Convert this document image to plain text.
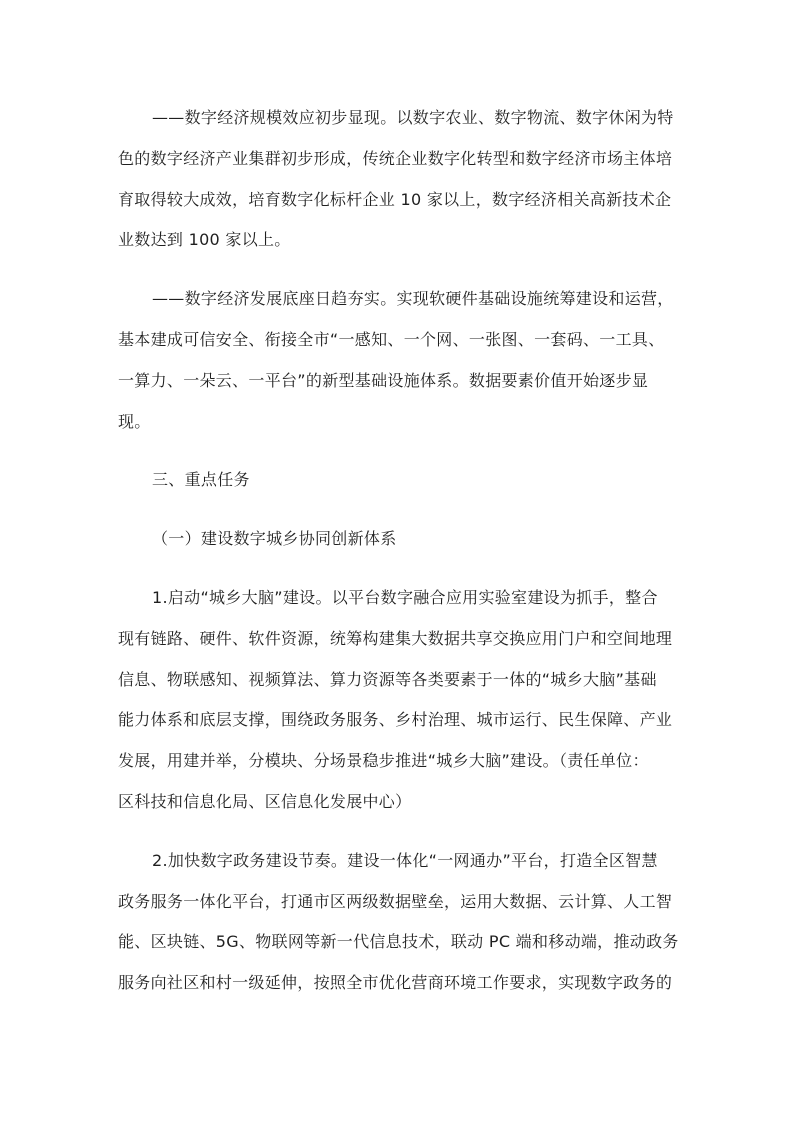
——数字经济规模效应初步显现。以数字农业、数字物流、数字休闲为特
色的数字经济产业集群初步形成，传统企业数字化转型和数字经济市场主体培
育取得较大成效，培育数字化标杆企业 10 家以上，数字经济相关高新技术企
业数达到 100 家以上。
——数字经济发展底座日趋夯实。实现软硬件基础设施统筹建设和运营，
基本建成可信安全、衔接全市“一感知、一个网、一张图、一套码、一工具、
一算力、一朵云、一平台”的新型基础设施体系。数据要素价值开始逐步显
现。
三、重点任务
（一）建设数字城乡协同创新体系
1.启动“城乡大脑”建设。以平台数字融合应用实验室建设为抓手，整合
现有链路、硬件、软件资源，统筹构建集大数据共享交换应用门户和空间地理
信息、物联感知、视频算法、算力资源等各类要素于一体的“城乡大脑”基础
能力体系和底层支撑，围绕政务服务、乡村治理、城市运行、民生保障、产业
发展，用建并举，分模块、分场景稳步推进“城乡大脑”建设。（责任单位：
区科技和信息化局、区信息化发展中心）
2.加快数字政务建设节奏。建设一体化“一网通办”平台，打造全区智慧
政务服务一体化平台，打通市区两级数据壁垒，运用大数据、云计算、人工智
能、区块链、5G、物联网等新一代信息技术，联动 PC 端和移动端，推动政务
服务向社区和村一级延伸，按照全市优化营商环境工作要求，实现数字政务的
